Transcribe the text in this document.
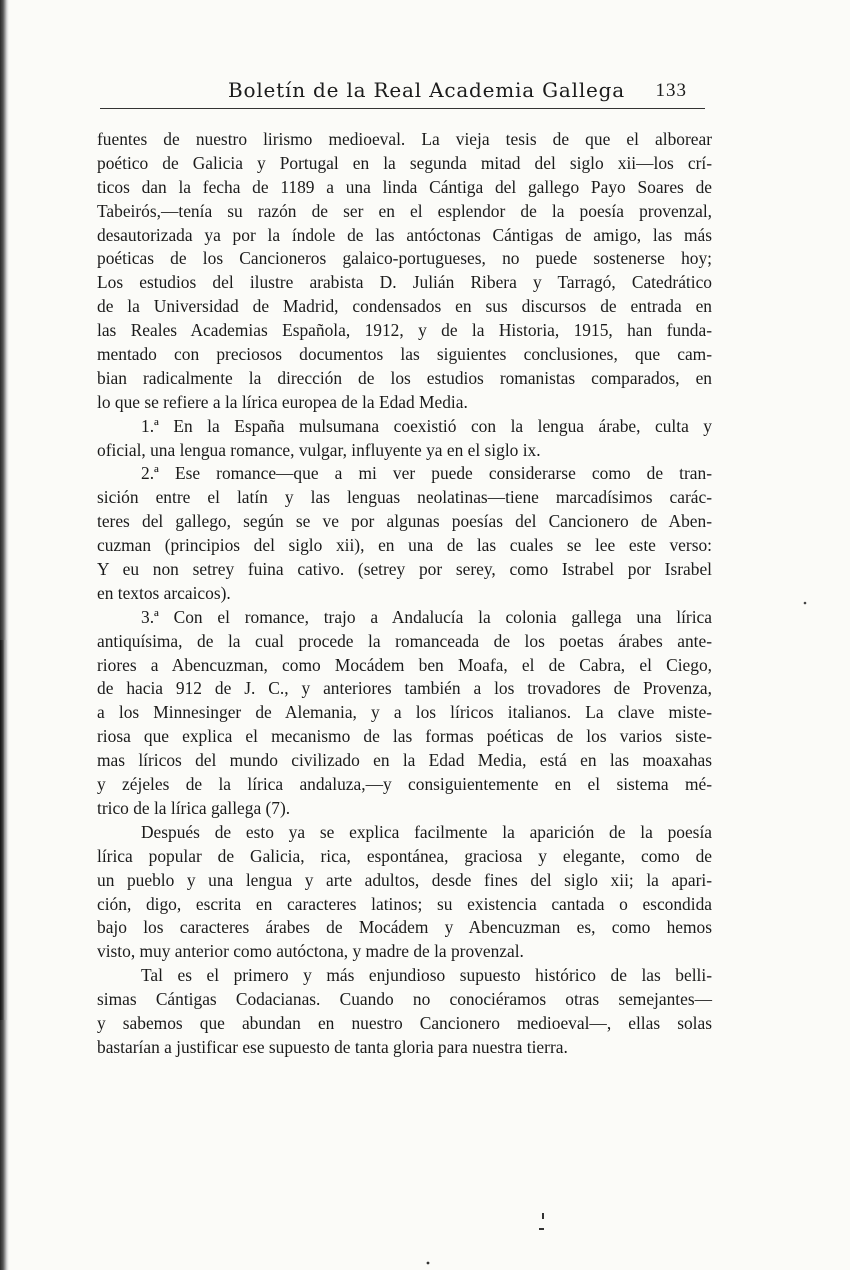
Boletín de la Real Academia Gallega 133
fuentes de nuestro lirismo medioeval. La vieja tesis de que el alborear
poético de Galicia y Portugal en la segunda mitad del siglo xii—los crí-
ticos dan la fecha de 1189 a una linda Cántiga del gallego Payo Soares de
Tabeirós,—tenía su razón de ser en el esplendor de la poesía provenzal,
desautorizada ya por la índole de las antóctonas Cántigas de amigo, las más
poéticas de los Cancioneros galaico-portugueses, no puede sostenerse hoy;
Los estudios del ilustre arabista D. Julián Ribera y Tarragó, Catedrático
de la Universidad de Madrid, condensados en sus discursos de entrada en
las Reales Academias Española, 1912, y de la Historia, 1915, han funda-
mentado con preciosos documentos las siguientes conclusiones, que cam-
bian radicalmente la dirección de los estudios romanistas comparados, en
lo que se refiere a la lírica europea de la Edad Media.
1.ª En la España mulsumana coexistió con la lengua árabe, culta y
oficial, una lengua romance, vulgar, influyente ya en el siglo ix.
2.ª Ese romance—que a mi ver puede considerarse como de tran-
sición entre el latín y las lenguas neolatinas—tiene marcadísimos carác-
teres del gallego, según se ve por algunas poesías del Cancionero de Aben-
cuzman (principios del siglo xii), en una de las cuales se lee este verso:
Y eu non setrey fuina cativo. (setrey por serey, como Istrabel por Israbel
en textos arcaicos).
3.ª Con el romance, trajo a Andalucía la colonia gallega una lírica
antiquísima, de la cual procede la romanceada de los poetas árabes ante-
riores a Abencuzman, como Mocádem ben Moafa, el de Cabra, el Ciego,
de hacia 912 de J. C., y anteriores también a los trovadores de Provenza,
a los Minnesinger de Alemania, y a los líricos italianos. La clave miste-
riosa que explica el mecanismo de las formas poéticas de los varios siste-
mas líricos del mundo civilizado en la Edad Media, está en las moaxahas
y zéjeles de la lírica andaluza,—y consiguientemente en el sistema mé-
trico de la lírica gallega (7).
Después de esto ya se explica facilmente la aparición de la poesía
lírica popular de Galicia, rica, espontánea, graciosa y elegante, como de
un pueblo y una lengua y arte adultos, desde fines del siglo xii; la apari-
ción, digo, escrita en caracteres latinos; su existencia cantada o escondida
bajo los caracteres árabes de Mocádem y Abencuzman es, como hemos
visto, muy anterior como autóctona, y madre de la provenzal.
Tal es el primero y más enjundioso supuesto histórico de las belli-
simas Cántigas Codacianas. Cuando no conociéramos otras semejantes—
y sabemos que abundan en nuestro Cancionero medioeval—, ellas solas
bastarían a justificar ese supuesto de tanta gloria para nuestra tierra.
